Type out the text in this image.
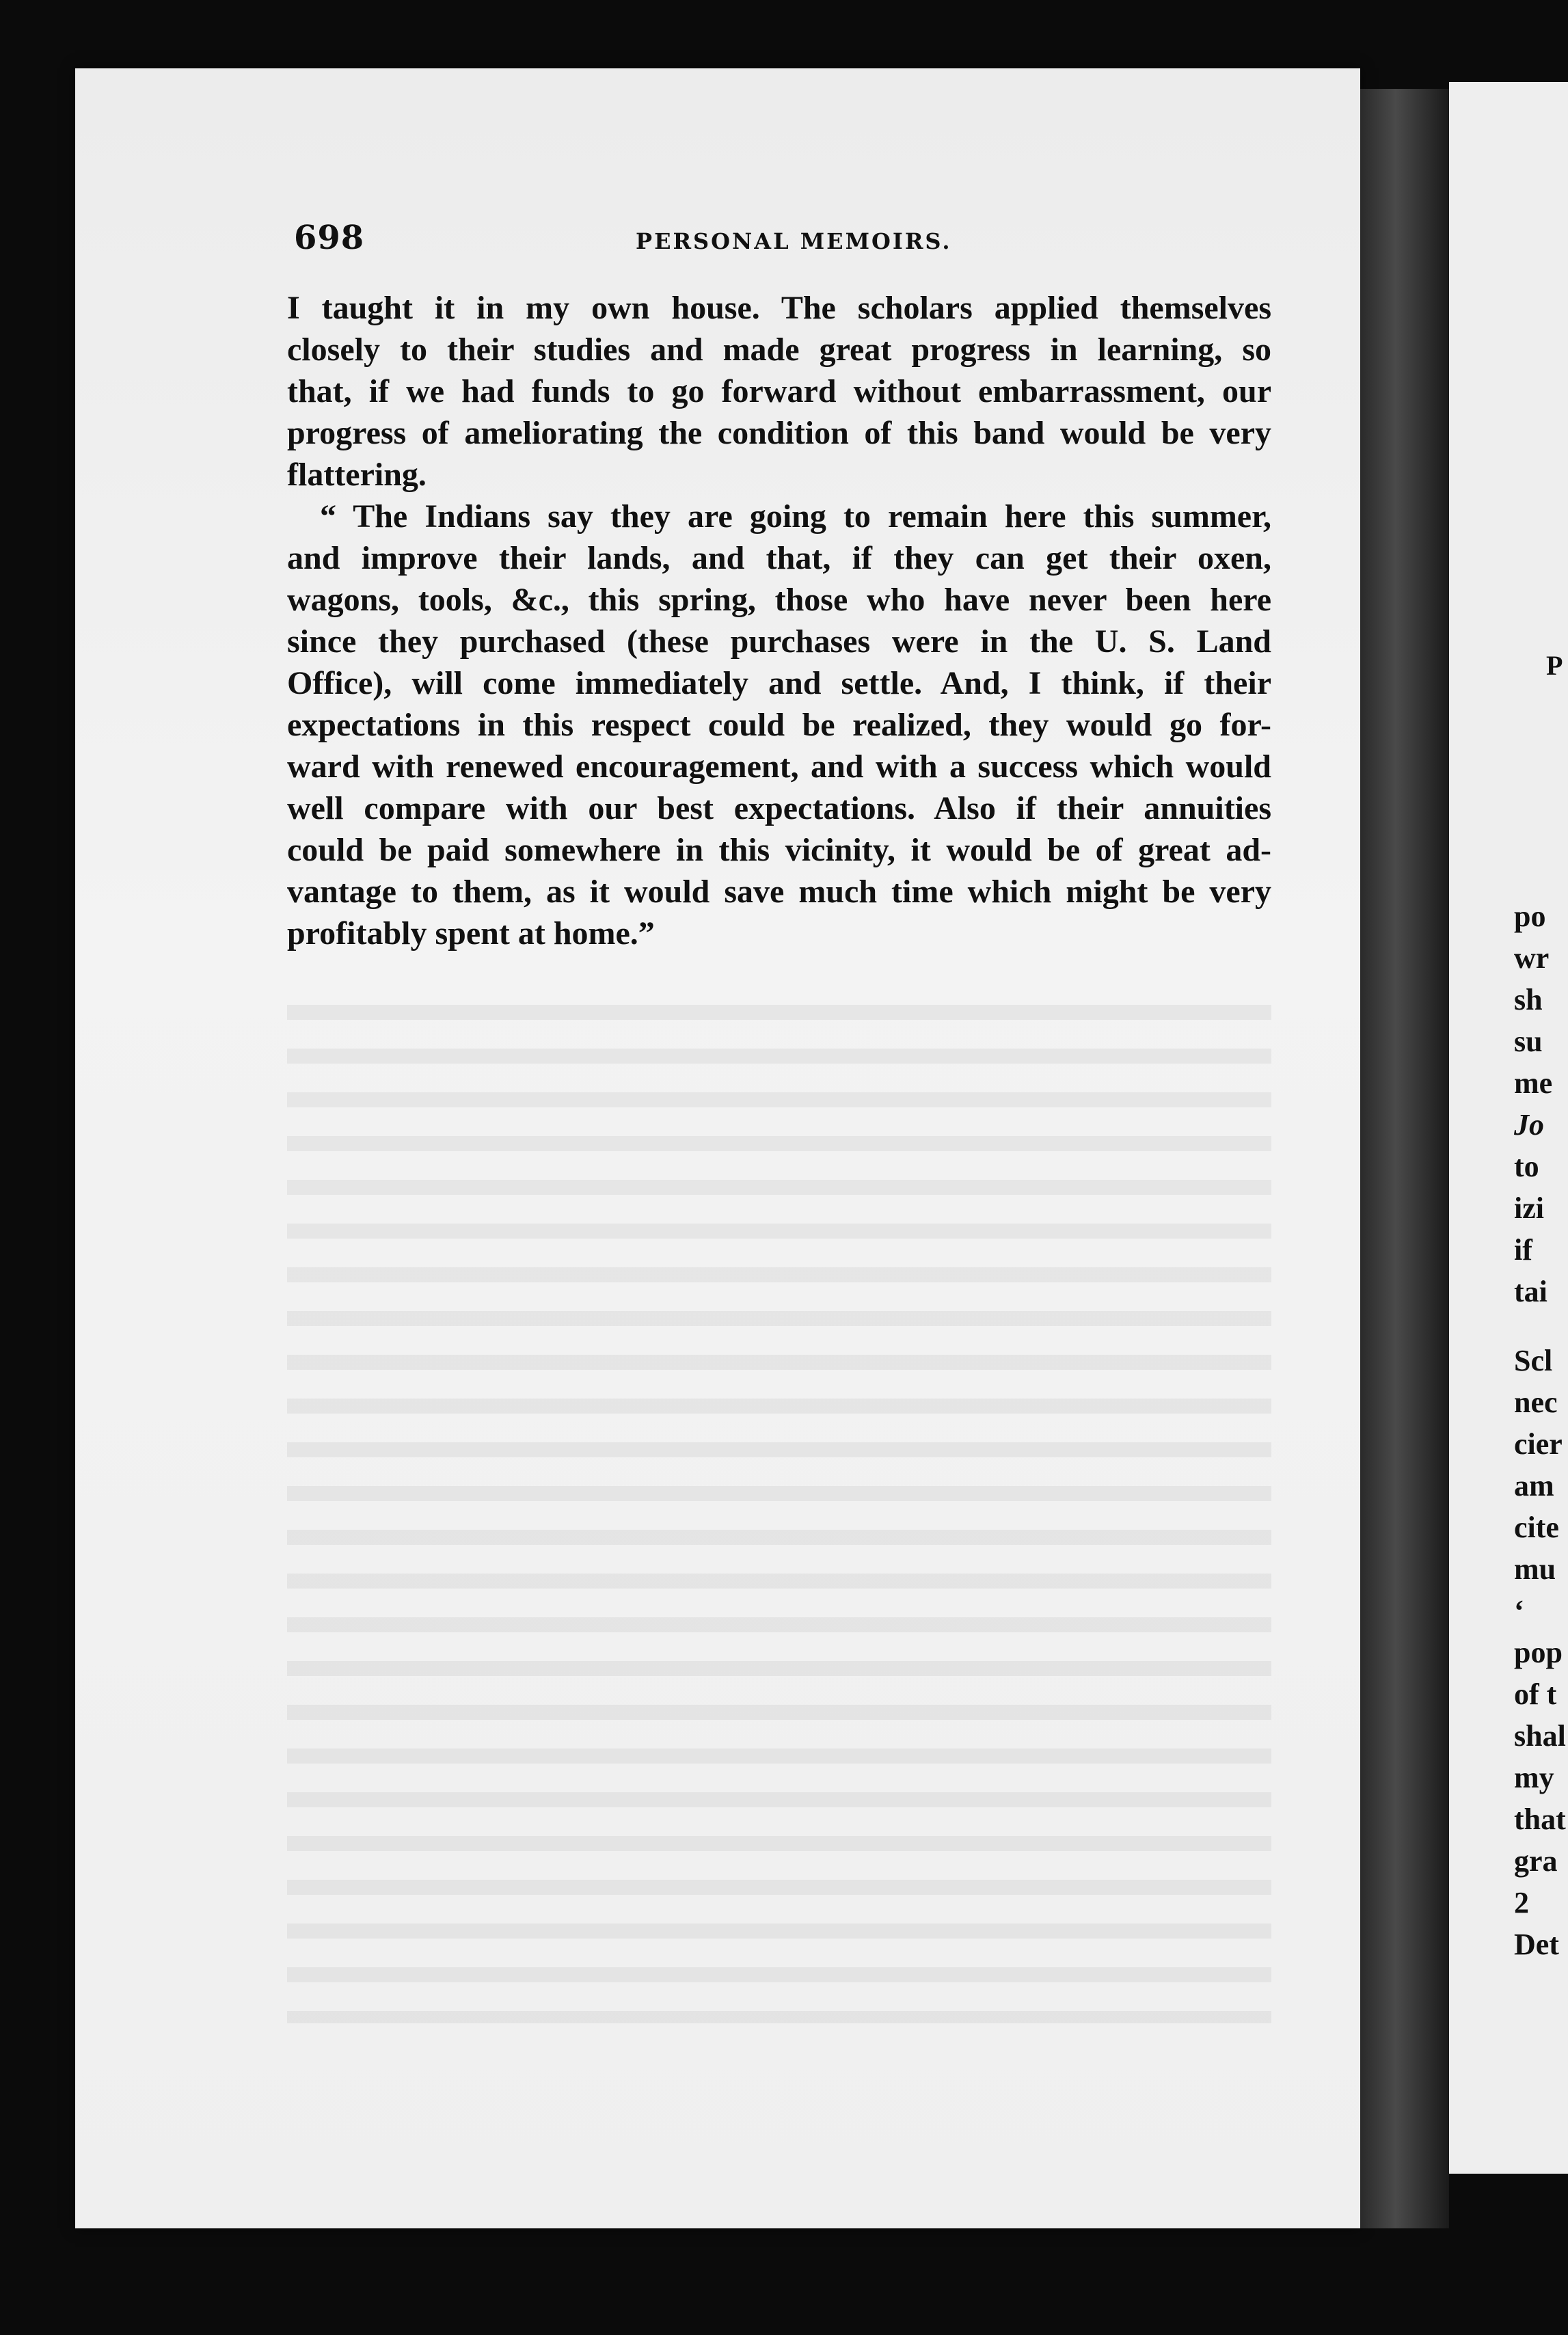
698	PERSONAL MEMOIRS.
I taught it in my own house. The scholars applied themselves
closely to their studies and made great progress in learning, so
that, if we had funds to go forward without embarrassment, our
progress of ameliorating the condition of this band would be very
flattering.
“ The Indians say they are going to remain here this summer,
and improve their lands, and that, if they can get their oxen,
wagons, tools, &c., this spring, those who have never been here
since they purchased (these purchases were in the U. S. Land
Office), will come immediately and settle. And, I think, if their
expectations in this respect could be realized, they would go for-
ward with renewed encouragement, and with a success which would
well compare with our best expectations. Also if their annuities
could be paid somewhere in this vicinity, it would be of great ad-
vantage to them, as it would save much time which might be very
profitably spent at home.”
P
po
wr
sh
su
me
Jo
to
izi
if
tai
Scl
nec
cier
am
cite
mu
‘
pop
of t
shal
my
that
gra
2
Det
